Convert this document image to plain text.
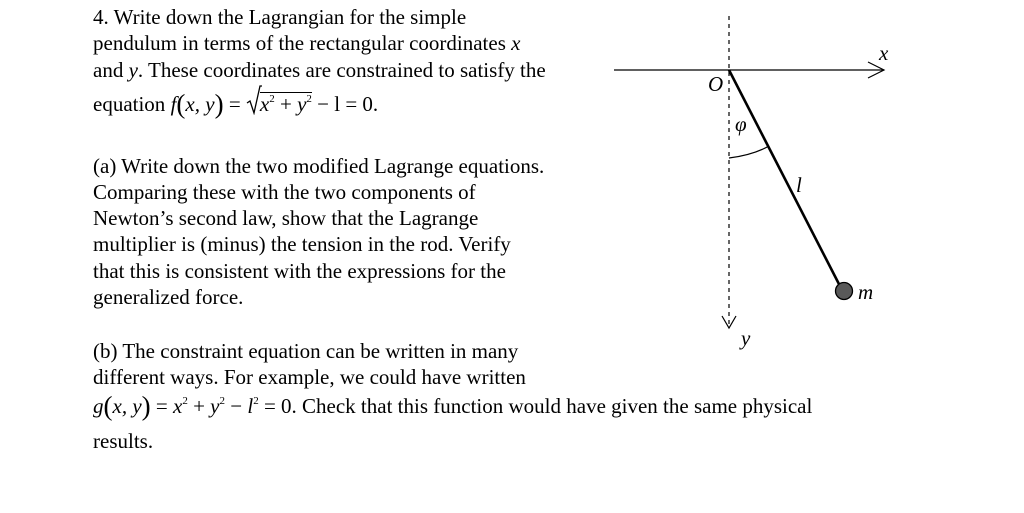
4. Write down the Lagrangian for the simple
pendulum in terms of the rectangular coordinates x
and y. These coordinates are constrained to satisfy the
equation f(x, y) =
$x^2 + y^2 - l = 0$.
(a) Write down the two modified Lagrange equations.
Comparing these with the two components of
Newton’s second law, show that the Lagrange
multiplier is (minus) the tension in the rod. Verify
that this is consistent with the expressions for the
generalized force.
(b) The constraint equation can be written in many
different ways. For example, we could have written
g(x, $y) = x^2 + y^2 - l^2 = 0$. Check that this function would have given the same physical
results.
O
x
y
φ
l
m
